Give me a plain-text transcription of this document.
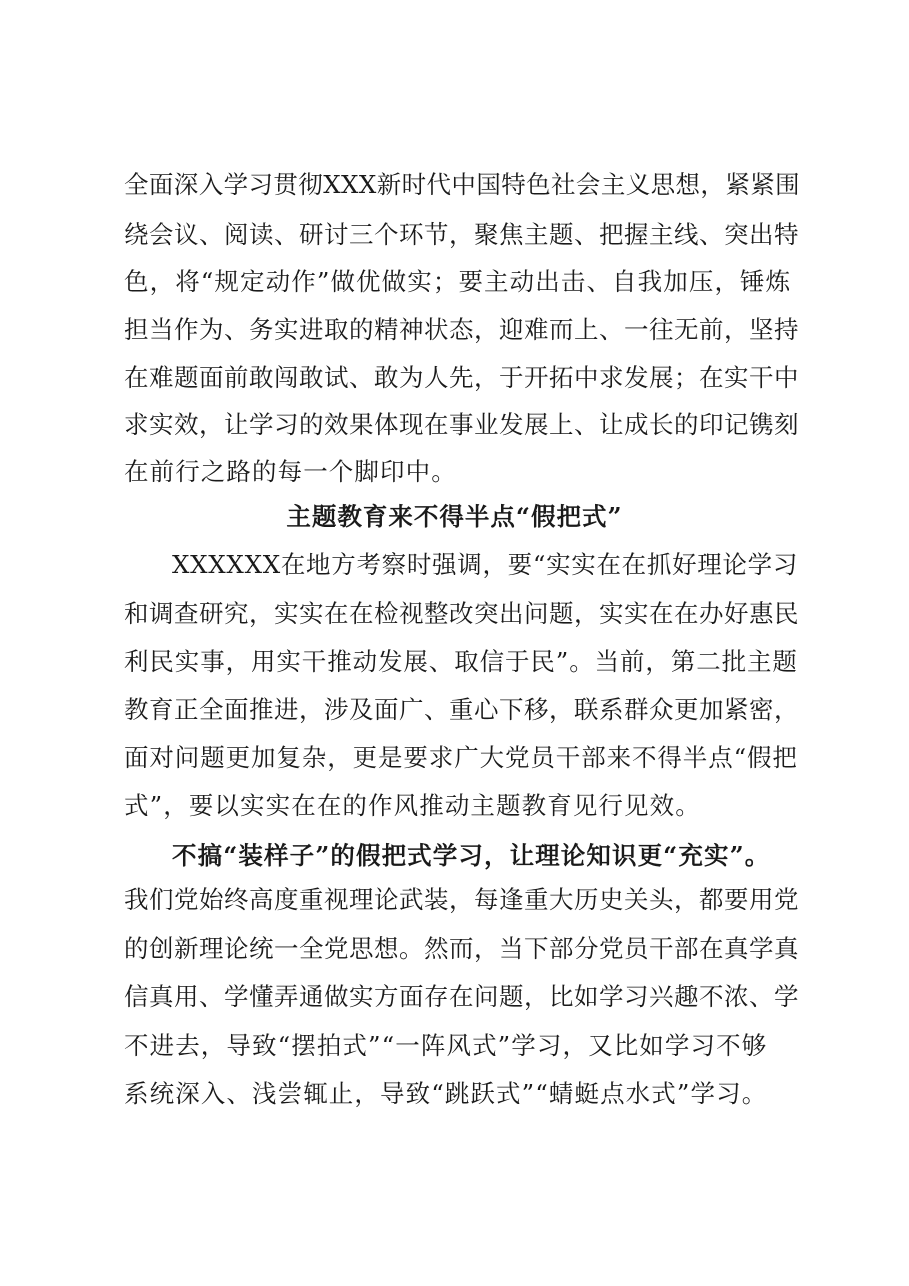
全面深入学习贯彻XXX新时代中国特色社会主义思想，紧紧围

绕会议、阅读、研讨三个环节，聚焦主题、把握主线、突出特

色，将“规定动作”做优做实；要主动出击、自我加压，锤炼

担当作为、务实进取的精神状态，迎难而上、一往无前，坚持

在难题面前敢闯敢试、敢为人先，于开拓中求发展；在实干中

求实效，让学习的效果体现在事业发展上、让成长的印记镌刻

在前行之路的每一个脚印中。

主题教育来不得半点“假把式”

XXXXXX在地方考察时强调，要“实实在在抓好理论学习

和调查研究，实实在在检视整改突出问题，实实在在办好惠民

利民实事，用实干推动发展、取信于民”。当前，第二批主题

教育正全面推进，涉及面广、重心下移，联系群众更加紧密，

面对问题更加复杂，更是要求广大党员干部来不得半点“假把

式”，要以实实在在的作风推动主题教育见行见效。

不搞“装样子”的假把式学习，让理论知识更“充实”。

我们党始终高度重视理论武装，每逢重大历史关头，都要用党

的创新理论统一全党思想。然而，当下部分党员干部在真学真

信真用、学懂弄通做实方面存在问题，比如学习兴趣不浓、学

不进去，导致“摆拍式”“一阵风式”学习，又比如学习不够

系统深入、浅尝辄止，导致“跳跃式”“蜻蜓点水式”学习。
